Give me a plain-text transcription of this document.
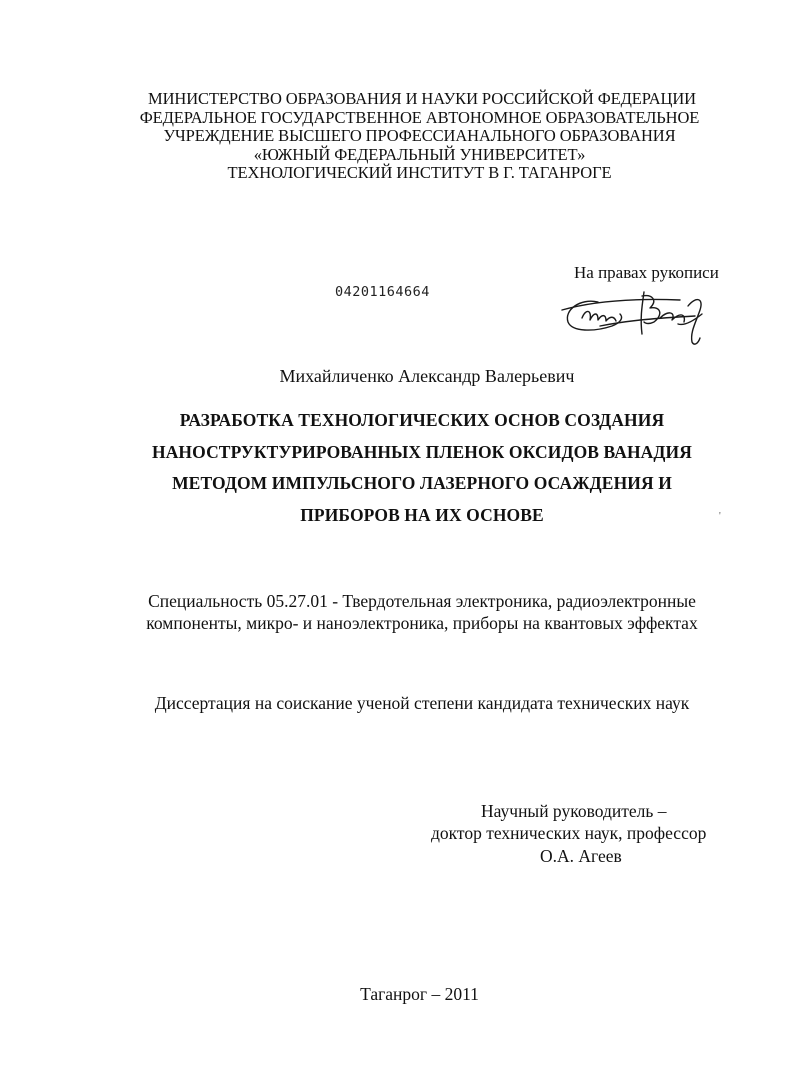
МИНИСТЕРСТВО ОБРАЗОВАНИЯ И НАУКИ РОССИЙСКОЙ ФЕДЕРАЦИИ
ФЕДЕРАЛЬНОЕ ГОСУДАРСТВЕННОЕ АВТОНОМНОЕ ОБРАЗОВАТЕЛЬНОЕ
УЧРЕЖДЕНИЕ ВЫСШЕГО ПРОФЕССИАНАЛЬНОГО ОБРАЗОВАНИЯ
«ЮЖНЫЙ ФЕДЕРАЛЬНЫЙ УНИВЕРСИТЕТ»
ТЕХНОЛОГИЧЕСКИЙ ИНСТИТУТ В Г. ТАГАНРОГЕ
На правах рукописи
04201164664
Михайличенко Александр Валерьевич
РАЗРАБОТКА ТЕХНОЛОГИЧЕСКИХ ОСНОВ СОЗДАНИЯ
НАНОСТРУКТУРИРОВАННЫХ ПЛЕНОК ОКСИДОВ ВАНАДИЯ
МЕТОДОМ ИМПУЛЬСНОГО ЛАЗЕРНОГО ОСАЖДЕНИЯ И
ПРИБОРОВ НА ИХ ОСНОВЕ	'
Специальность 05.27.01 - Твердотельная электроника, радиоэлектронные
компоненты, микро- и наноэлектроника, приборы на квантовых эффектах
Диссертация на соискание ученой степени кандидата технических наук
Научный руководитель –
доктор технических наук, профессор
О.А. Агеев
Таганрог – 2011
